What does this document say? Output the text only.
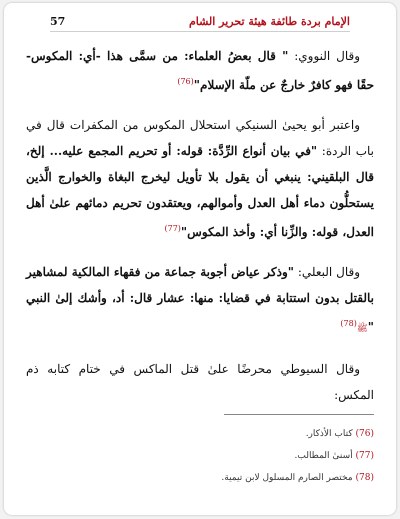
الإمام بردة طائفة هيئة تحرير الشام
57

وقال النووي: " قال بعضُ العلماء: من سمَّى هذا -أي: المكوس- حقًا فهو كافرٌ خارجٌ عن ملّة الإسلام"$^{(76)}$

واعتبر أبو يحيىٰ السنيكي استحلال المكوس من المكفرات قال في باب الردة: "في بيان أنواع الرِّدَّة: قوله: أو تحريم المجمع عليه... إلخ، قال البلقيني: ينبغي أن يقول بلا تأويل ليخرج البغاة والخوارج الَّذين يستحلُّون دماء أهل العدل وأموالهم، ويعتقدون تحريم دمائهم علىٰ أهل العدل، قوله: والزِّنا أي: وأخذ المكوس"$^{(77)}$

وقال البعلي: "وذكر عياض أجوبة جماعة من فقهاء المالكية لمشاهير بالقتل بدون استتابة في قضايا: منها: عشار قال: أد، وأشك إلىٰ النبي "ﷺ$^{(78)}$

وقال السيوطي محرضًا علىٰ قتل الماكس في ختام كتابه ذم المكس:

(76) كتاب الأذكار.
(77) أسنىٰ المطالب.
(78) مختصر الصارم المسلول لابن تيمية.
